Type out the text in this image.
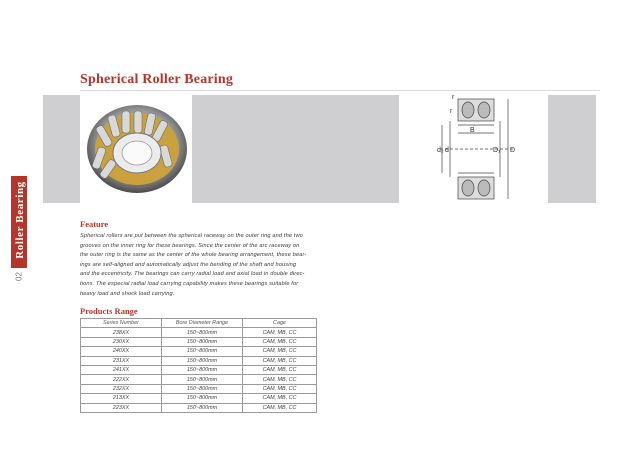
Spherical Roller Bearing
r
r
B
d₂ d	D₁ D
Roller Bearing
02
Feature
Spherical rollers are put between the spherical raceway on the outer ring and the two
grooves on the inner ring for these bearings. Since the center of the arc raceway on
the outer ring is the same as the center of the whole bearing arrangement, these bear-
ings are self-aligned and automatically adjust the bending of the shaft and housing
and the eccentricity. The bearings can carry radial load and axial load in double direc-
tions. The especial radial load carrying capability makes these bearings suitable for
heavy load and shock load carrying.
Products Range
Series Number	Bore Diameter Range	Cage
238XX	150~800mm	CAM, MB, CC
230XX	150~800mm	CAM, MB, CC
240XX	150~800mm	CAM, MB, CC
231XX	150~800mm	CAM, MB, CC
241XX	150~800mm	CAM, MB, CC
222XX	150~800mm	CAM, MB, CC
232XX	150~800mm	CAM, MB, CC
213XX	150~800mm	CAM, MB, CC
223XX	150~800mm	CAM, MB, CC
